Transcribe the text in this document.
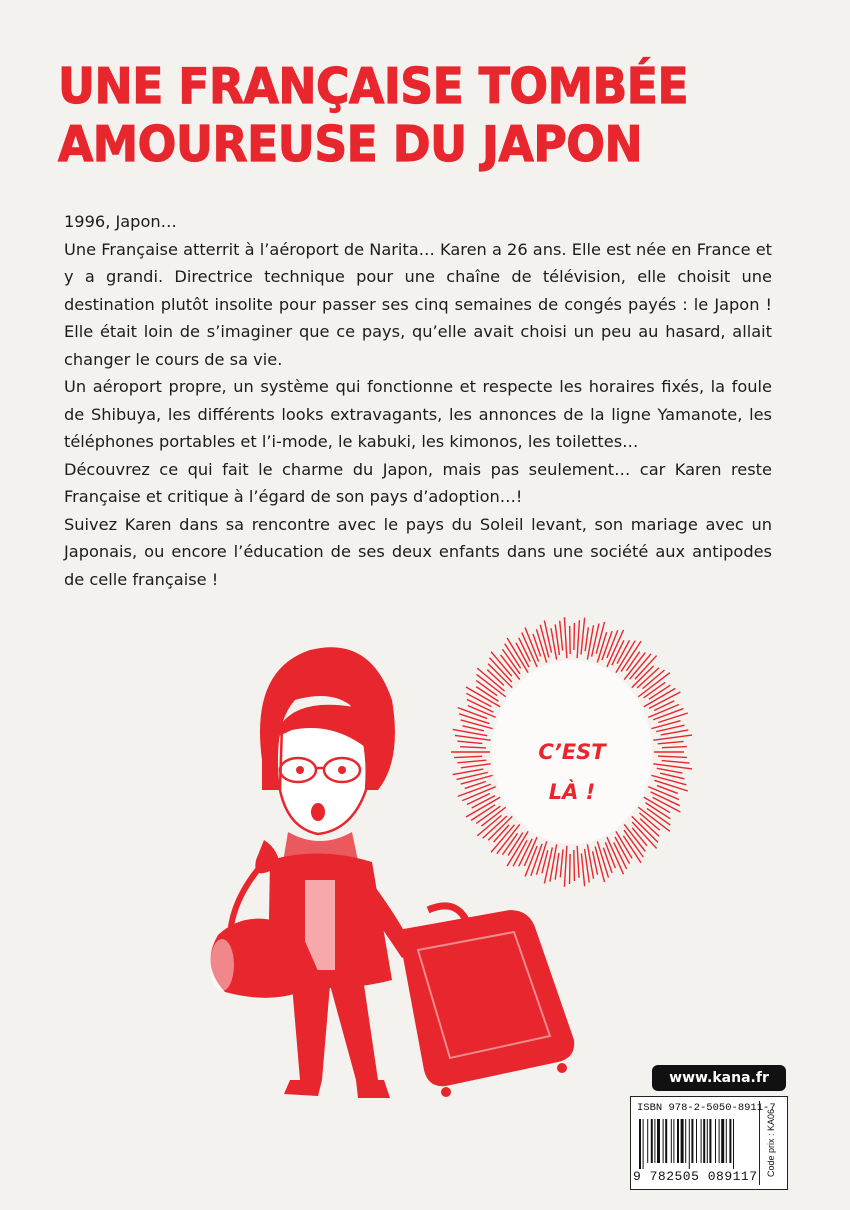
UNE FRANÇAISE TOMBÉE
AMOUREUSE DU JAPON

1996, Japon…

Une Française atterrit à l’aéroport de Narita… Karen a 26 ans. Elle est née en France et y a grandi. Directrice technique pour une chaîne de télévision, elle choisit une destination plutôt insolite pour passer ses cinq semaines de congés payés : le Japon ! Elle était loin de s’imaginer que ce pays, qu’elle avait choisi un peu au hasard, allait changer le cours de sa vie.

Un aéroport propre, un système qui fonctionne et respecte les horaires fixés, la foule de Shibuya, les différents looks extravagants, les annonces de la ligne Yamanote, les téléphones portables et l’i-mode, le kabuki, les kimonos, les toilettes…

Découvrez ce qui fait le charme du Japon, mais pas seulement… car Karen reste Française et critique à l’égard de son pays d’adoption…!

Suivez Karen dans sa rencontre avec le pays du Soleil levant, son mariage avec un Japonais, ou encore l’éducation de ses deux enfants dans une société aux antipodes de celle française !

C’EST
LÀ !
www.kana.fr
ISBN 978-2-5050-8911-7
9 782505 089117 Code prix : KA06
